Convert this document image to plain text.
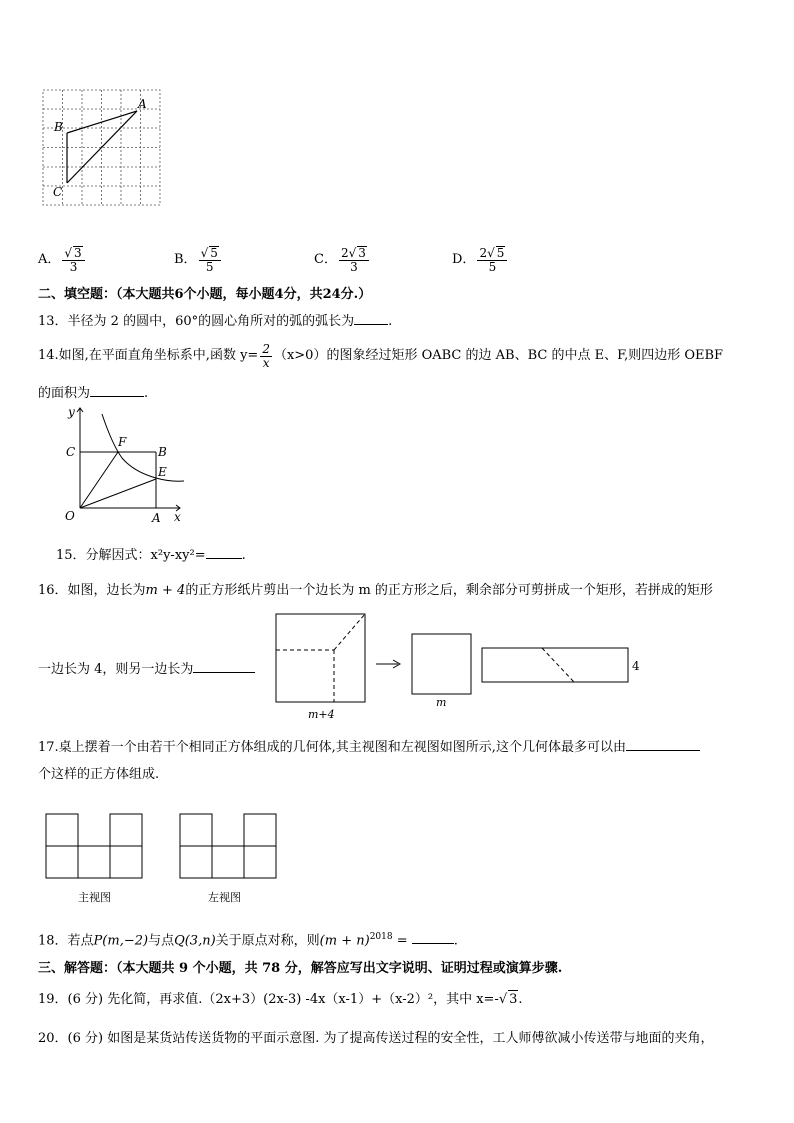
A
B
C
A． $\frac{√ 3}{3}$	B． $\frac{√ 5}{5}$	C． $\frac{2√ 3}{3}$	D． $\frac{2√ 5}{5}$
二、填空题：（本大题共6个小题，每小题4分，共24分.）
13．半径为 2 的圆中，60°的圆心角所对的弧的弧长为	.
14.如图,在平面直角坐标系中,函数 $y= \frac{2}{x} (x>0)$的图象经过矩形 OABC 的边 AB、BC 的中点 E、F,则四边形 OEBF
的面积为	.
y
x
C
F
B
E
O	A
15．分解因式：x²y-xy²=	.
16．如图，边长为m + 4的正方形纸片剪出一个边长为 m 的正方形之后，剩余部分可剪拼成一个矩形，若拼成的矩形
一边长为 4，则另一边长为
m+4
m
4
17.桌上摆着一个由若干个相同正方体组成的几何体,其主视图和左视图如图所示,这个几何体最多可以由
个这样的正方体组成.
主视图	左视图
18．若点P(m,−2)与点Q(3,n)关于原点对称，则$(m + n)^{2018}$ =	.
三、解答题：（本大题共 9 个小题，共 78 分，解答应写出文字说明、证明过程或演算步骤.
19．(6 分) 先化简，再求值.（2x+3）(2x-3) -4x（x-1）+（x-2）²，其中 x=-√ 3.
20．(6 分) 如图是某货站传送货物的平面示意图. 为了提高传送过程的安全性，工人师傅欲减小传送带与地面的夹角，
